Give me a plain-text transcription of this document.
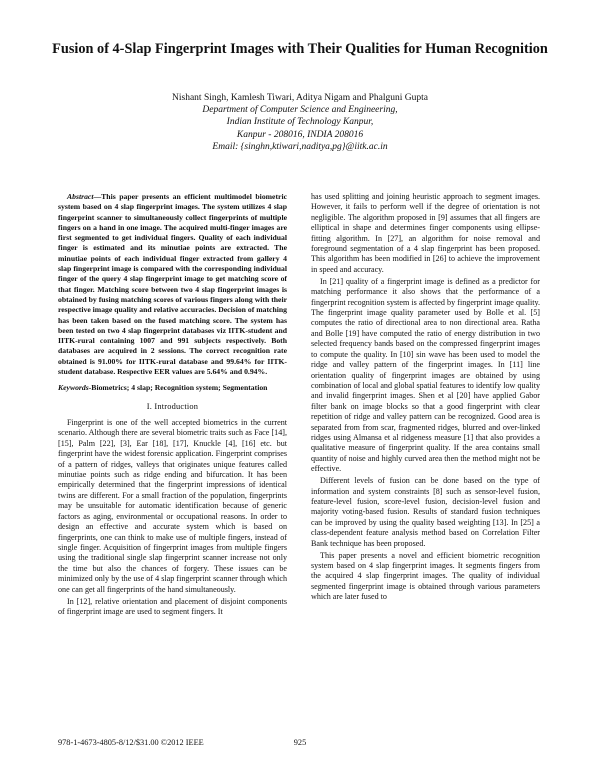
Fusion of 4-Slap Fingerprint Images with Their Qualities for Human Recognition
Nishant Singh, Kamlesh Tiwari, Aditya Nigam and Phalguni Gupta
Department of Computer Science and Engineering,
Indian Institute of Technology Kanpur,
Kanpur - 208016, INDIA 208016
Email: {singhn,ktiwari,naditya,pg}@iitk.ac.in

Abstract—This paper presents an efficient multimodel biometric system based on 4 slap fingerprint images. The system utilizes 4 slap fingerprint scanner to simultaneously collect fingerprints of multiple fingers on a hand in one image. The acquired multi-finger images are first segmented to get individual fingers. Quality of each individual finger is estimated and its minutiae points are extracted. The minutiae points of each individual finger extracted from gallery 4 slap fingerprint image is compared with the corresponding individual finger of the query 4 slap fingerprint image to get matching score of that finger. Matching score between two 4 slap fingerprint images is obtained by fusing matching scores of various fingers along with their respective image quality and relative accuracies. Decision of matching has been taken based on the fused matching score. The system has been tested on two 4 slap fingerprint databases viz IITK-student and IITK-rural containing 1007 and 991 subjects respectively. Both databases are acquired in 2 sessions. The correct recognition rate obtained is 91.00% for IITK-rural database and 99.64% for IITK-student database. Respective EER values are 5.64% and 0.94%.

Keywords-Biometrics; 4 slap; Recognition system; Segmentation

I. Introduction

Fingerprint is one of the well accepted biometrics in the current scenario. Although there are several biometric traits such as Face [14], [15], Palm [22], [3], Ear [18], [17], Knuckle [4], [16] etc. but fingerprint have the widest forensic application. Fingerprint comprises of a pattern of ridges, valleys that originates unique features called minutiae points such as ridge ending and bifurcation. It has been empirically determined that the fingerprint impressions of identical twins are different. For a small fraction of the population, fingerprints may be unsuitable for automatic identification because of generic factors as aging, environmental or occupational reasons. In order to design an effective and accurate system which is based on fingerprints, one can think to make use of multiple fingers, instead of single finger. Acquisition of fingerprint images from multiple fingers using the traditional single slap fingerprint scanner increase not only the time but also the chances of forgery. These issues can be minimized only by the use of 4 slap fingerprint scanner through which one can get all fingerprints of the hand simultaneously.

In [12], relative orientation and placement of disjoint components of fingerprint image are used to segment fingers. It

has used splitting and joining heuristic approach to segment images. However, it fails to perform well if the degree of orientation is not negligible. The algorithm proposed in [9] assumes that all fingers are elliptical in shape and determines finger components using ellipse-fitting algorithm. In [27], an algorithm for noise removal and foreground segmentation of a 4 slap fingerprint has been proposed. This algorithm has been modified in [26] to achieve the improvement in speed and accuracy.

In [21] quality of a fingerprint image is defined as a predictor for matching performance it also shows that the performance of a fingerprint recognition system is affected by fingerprint image quality. The fingerprint image quality parameter used by Bolle et al. [5] computes the ratio of directional area to non directional area. Ratha and Bolle [19] have computed the ratio of energy distribution in two selected frequency bands based on the compressed fingerprint images to compute the quality. In [10] sin wave has been used to model the ridge and valley pattern of the fingerprint images. In [11] line orientation quality of fingerprint images are obtained by using combination of local and global spatial features to identify low quality and invalid fingerprint images. Shen et al [20] have applied Gabor filter bank on image blocks so that a good fingerprint with clear repetition of ridge and valley pattern can be recognized. Good area is separated from from scar, fragmented ridges, blurred and over-linked ridges using Almansa et al ridgeness measure [1] that also provides a qualitative measure of fingerprint quality. If the area contains small quantity of noise and highly curved area then the method might not be effective.

Different levels of fusion can be done based on the type of information and system constraints [8] such as sensor-level fusion, feature-level fusion, score-level fusion, decision-level fusion and majority voting-based fusion. Results of standard fusion techniques can be improved by using the quality based weighting [13]. In [25] a class-dependent feature analysis method based on Correlation Filter Bank technique has been proposed.

This paper presents a novel and efficient biometric recognition system based on 4 slap fingerprint images. It segments fingers from the acquired 4 slap fingerprint images. The quality of individual segmented fingerprint image is obtained through various parameters which are later fused to

978-1-4673-4805-8/12/$31.00 ©2012 IEEE	925
